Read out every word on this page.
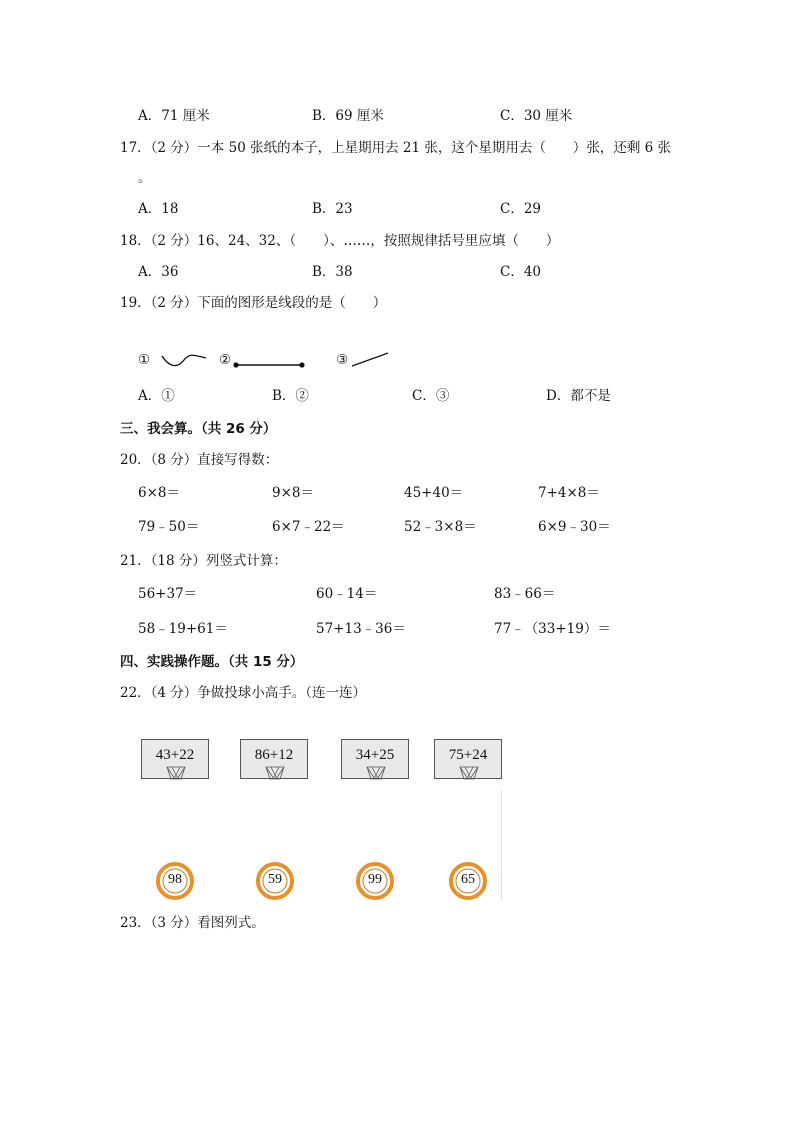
A．71 厘米	B．69 厘米	C．30 厘米
17．（2 分）一本 50 张纸的本子，上星期用去 21 张，这个星期用去（　　）张，还剩 6 张
。
A．18	B．23	C．29
18．（2 分）16、24、32、（　　）、……，按照规律括号里应填（　　）
A．36	B．38	C．40
19．（2 分）下面的图形是线段的是（　　）
①	②	③
A．①	B．②	C．③	D．都不是
三、我会算。（共 26 分）
20．（8 分）直接写得数：
6×8＝	9×8＝	45+40＝	7+4×8＝
79﹣50＝	6×7﹣22＝	52﹣3×8＝	6×9﹣30＝
21．（18 分）列竖式计算：
56+37＝	60﹣14＝	83﹣66＝
58﹣19+61＝	57+13﹣36＝	77﹣（33+19）＝
四、实践操作题。（共 15 分）
22．（4 分）争做投球小高手。（连一连）
43+22	86+12	34+25	75+24
98	59	99	65
23．（3 分）看图列式。
